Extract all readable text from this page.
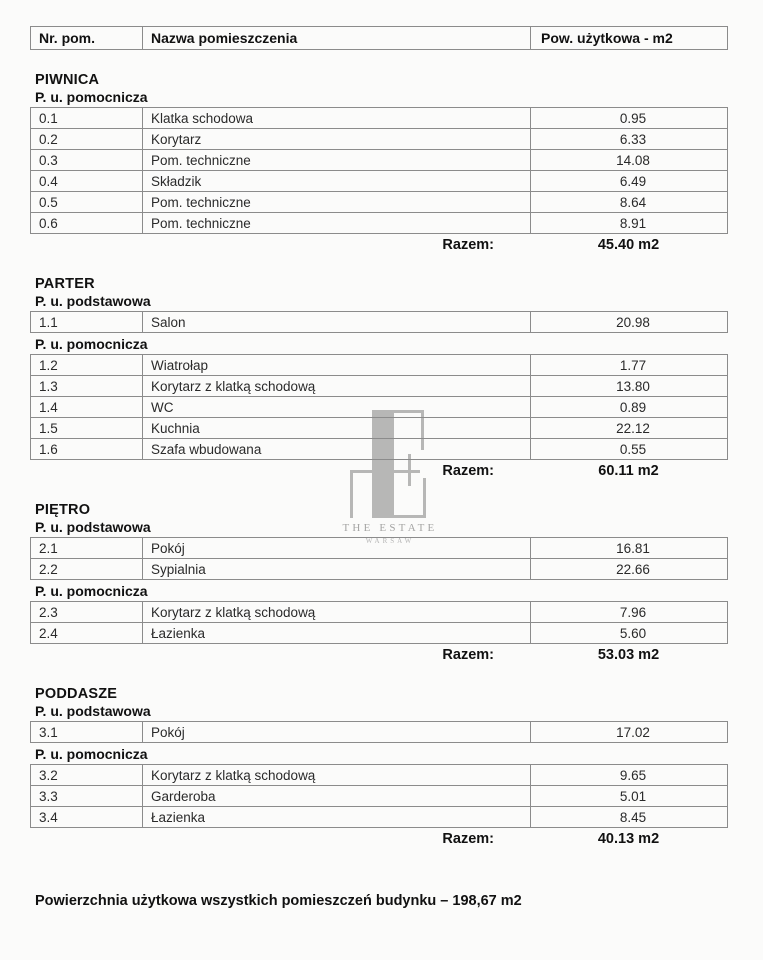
THE ESTATE
WARSAW
Nr. pom.	Nazwa pomieszczenia	Pow. użytkowa - m2
PIWNICA
P. u. pomocnicza
0.1	Klatka schodowa	0.95
0.2	Korytarz	6.33
0.3	Pom. techniczne	14.08
0.4	Składzik	6.49
0.5	Pom. techniczne	8.64
0.6	Pom. techniczne	8.91
Razem:	45.40 m2
PARTER
P. u. podstawowa
1.1	Salon	20.98
P. u. pomocnicza
1.2	Wiatrołap	1.77
1.3	Korytarz z klatką schodową	13.80
1.4	WC	0.89
1.5	Kuchnia	22.12
1.6	Szafa wbudowana	0.55
Razem:	60.11 m2
PIĘTRO
P. u. podstawowa
2.1	Pokój	16.81
2.2	Sypialnia	22.66
P. u. pomocnicza
2.3	Korytarz z klatką schodową	7.96
2.4	Łazienka	5.60
Razem:	53.03 m2
PODDASZE
P. u. podstawowa
3.1	Pokój	17.02
P. u. pomocnicza
3.2	Korytarz z klatką schodową	9.65
3.3	Garderoba	5.01
3.4	Łazienka	8.45
Razem:	40.13 m2
Powierzchnia użytkowa wszystkich pomieszczeń budynku – 198,67 m2
